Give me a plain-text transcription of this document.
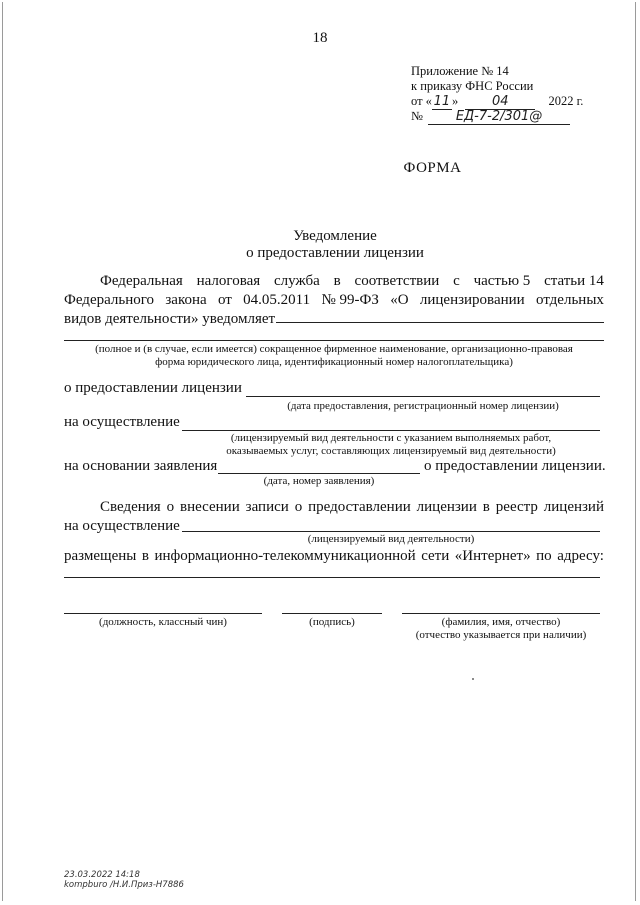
18
Приложение № 14
к приказу ФНС России
от « 11 »	04	2022 г.
№	ЕД-7-2/301@
ФОРМА
Уведомление
о предоставлении лицензии
Федеральная налоговая служба в соответствии с частью 5 статьи 14
Федерального закона от 04.05.2011 № 99-ФЗ «О лицензировании отдельных
видов деятельности» уведомляет
(полное и (в случае, если имеется) сокращенное фирменное наименование, организационно-правовая
форма юридического лица, идентификационный номер налогоплательщика)
о предоставлении лицензии
(дата предоставления, регистрационный номер лицензии)
на осуществление
(лицензируемый вид деятельности с указанием выполняемых работ,
оказываемых услуг, составляющих лицензируемый вид деятельности)
на основании заявления	о предоставлении лицензии.
(дата, номер заявления)
Сведения о внесении записи о предоставлении лицензии в реестр лицензий
на осуществление
(лицензируемый вид деятельности)
размещены в информационно-телекоммуникационной сети «Интернет» по адресу:
(должность, классный чин)	(подпись)	(фамилия, имя, отчество)
(отчество указывается при наличии)
23.03.2022 14:18
kompburo /Н.И.Приз-Н7886
